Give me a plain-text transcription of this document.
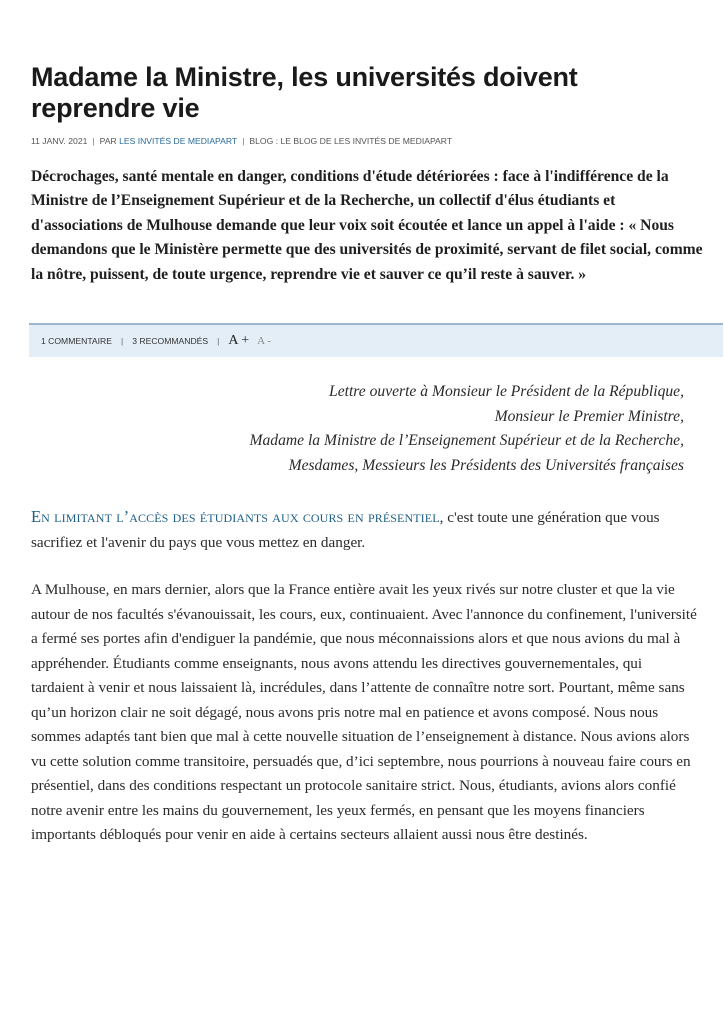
Madame la Ministre, les universités doivent reprendre vie
11 JANV. 2021 | PAR LES INVITÉS DE MEDIAPART | BLOG : LE BLOG DE LES INVITÉS DE MEDIAPART
Décrochages, santé mentale en danger, conditions d'étude détériorées : face à l'indifférence de la Ministre de l’Enseignement Supérieur et de la Recherche, un collectif d'élus étudiants et d'associations de Mulhouse demande que leur voix soit écoutée et lance un appel à l'aide : « Nous demandons que le Ministère permette que des universités de proximité, servant de filet social, comme la nôtre, puissent, de toute urgence, reprendre vie et sauver ce qu’il reste à sauver. »
1 COMMENTAIRE | 3 RECOMMANDÉS | A + A -
Lettre ouverte à Monsieur le Président de la République,
Monsieur le Premier Ministre,
Madame la Ministre de l’Enseignement Supérieur et de la Recherche,
Mesdames, Messieurs les Présidents des Universités françaises

En limitant l’accès des étudiants aux cours en présentiel, c'est toute une génération que vous sacrifiez et l'avenir du pays que vous mettez en danger.

A Mulhouse, en mars dernier, alors que la France entière avait les yeux rivés sur notre cluster et que la vie autour de nos facultés s'évanouissait, les cours, eux, continuaient. Avec l'annonce du confinement, l'université a fermé ses portes afin d'endiguer la pandémie, que nous méconnaissions alors et que nous avions du mal à appréhender. Étudiants comme enseignants, nous avons attendu les directives gouvernementales, qui tardaient à venir et nous laissaient là, incrédules, dans l’attente de connaître notre sort. Pourtant, même sans qu’un horizon clair ne soit dégagé, nous avons pris notre mal en patience et avons composé. Nous nous sommes adaptés tant bien que mal à cette nouvelle situation de l’enseignement à distance. Nous avions alors vu cette solution comme transitoire, persuadés que, d’ici septembre, nous pourrions à nouveau faire cours en présentiel, dans des conditions respectant un protocole sanitaire strict. Nous, étudiants, avions alors confié notre avenir entre les mains du gouvernement, les yeux fermés, en pensant que les moyens financiers importants débloqués pour venir en aide à certains secteurs allaient aussi nous être destinés.
